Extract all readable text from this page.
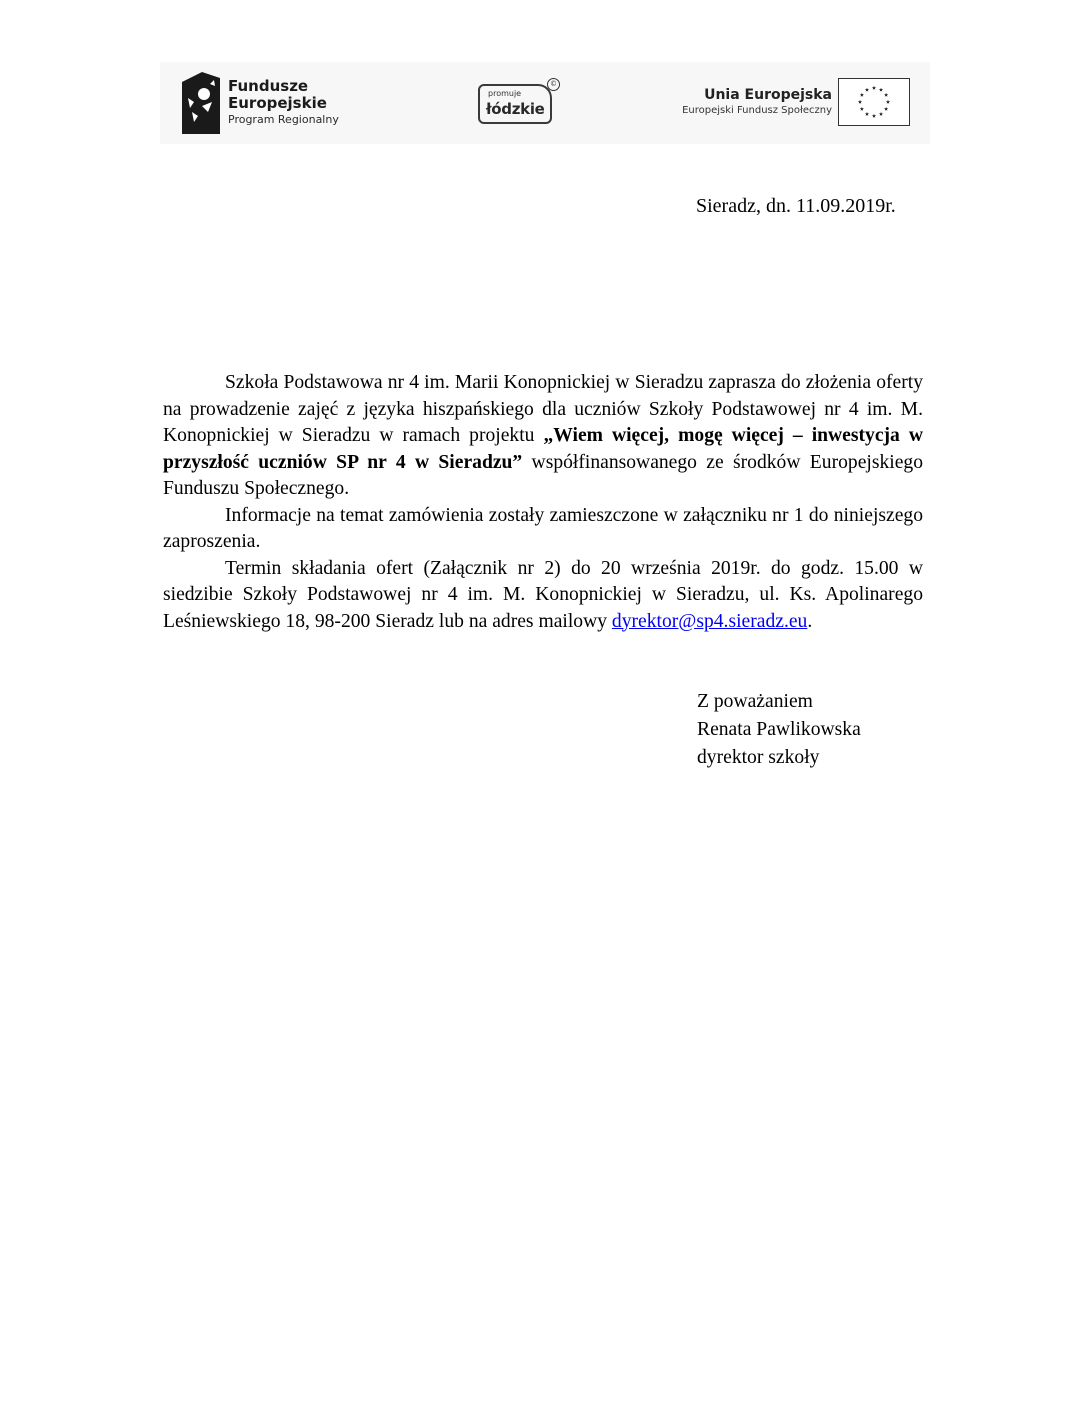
Fundusze
Europejskie
Program Regionalny
promuje
łódzkie
©
Unia Europejska
Europejski Fundusz Społeczny
Sieradz, dn. 11.09.2019r.

Szkoła Podstawowa nr 4 im. Marii Konopnickiej w Sieradzu zaprasza do złożenia oferty na prowadzenie zajęć z języka hiszpańskiego dla uczniów Szkoły Podstawowej nr 4 im. M. Konopnickiej w Sieradzu w ramach projektu „Wiem więcej, mogę więcej – inwestycja w przyszłość uczniów SP nr 4 w Sieradzu” współfinansowanego ze środków Europejskiego Funduszu Społecznego.

Informacje na temat zamówienia zostały zamieszczone w załączniku nr 1 do niniejszego zaproszenia.

Termin składania ofert (Załącznik nr 2) do 20 września 2019r. do godz. 15.00 w siedzibie Szkoły Podstawowej nr 4 im. M. Konopnickiej w Sieradzu, ul. Ks. Apolinarego Leśniewskiego 18, 98-200 Sieradz lub na adres mailowy dyrektor@sp4.sieradz.eu.

Z poważaniem
Renata Pawlikowska
dyrektor szkoły
